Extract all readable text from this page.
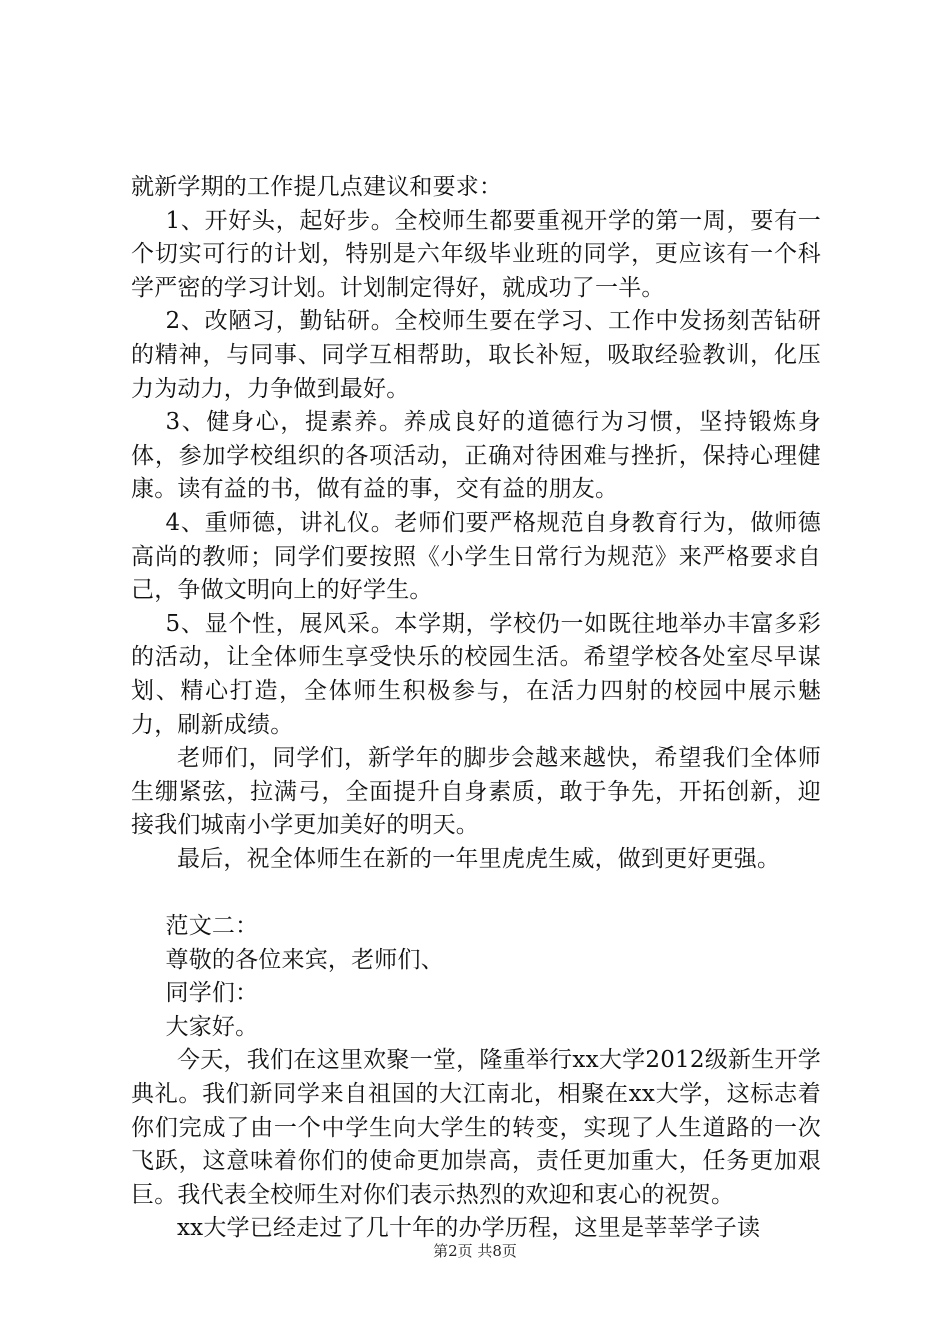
就新学期的工作提几点建议和要求：

1、开好头，起好步。全校师生都要重视开学的第一周，要有一个切实可行的计划，特别是六年级毕业班的同学，更应该有一个科学严密的学习计划。计划制定得好，就成功了一半。

2、改陋习，勤钻研。全校师生要在学习、工作中发扬刻苦钻研的精神，与同事、同学互相帮助，取长补短，吸取经验教训，化压力为动力，力争做到最好。

3、健身心，提素养。养成良好的道德行为习惯，坚持锻炼身体，参加学校组织的各项活动，正确对待困难与挫折，保持心理健康。读有益的书，做有益的事，交有益的朋友。

4、重师德，讲礼仪。老师们要严格规范自身教育行为，做师德高尚的教师；同学们要按照《小学生日常行为规范》来严格要求自己，争做文明向上的好学生。

5、显个性，展风采。本学期，学校仍一如既往地举办丰富多彩的活动，让全体师生享受快乐的校园生活。希望学校各处室尽早谋划、精心打造，全体师生积极参与，在活力四射的校园中展示魅力，刷新成绩。

老师们，同学们，新学年的脚步会越来越快，希望我们全体师生绷紧弦，拉满弓，全面提升自身素质，敢于争先，开拓创新，迎接我们城南小学更加美好的明天。

最后，祝全体师生在新的一年里虎虎生威，做到更好更强。

范文二：

尊敬的各位来宾，老师们、

同学们：

大家好。

今天，我们在这里欢聚一堂，隆重举行xx大学2012级新生开学典礼。我们新同学来自祖国的大江南北，相聚在xx大学，这标志着你们完成了由一个中学生向大学生的转变，实现了人生道路的一次飞跃，这意味着你们的使命更加崇高，责任更加重大，任务更加艰巨。我代表全校师生对你们表示热烈的欢迎和衷心的祝贺。

xx大学已经走过了几十年的办学历程，这里是莘莘学子读

第2页 共8页
